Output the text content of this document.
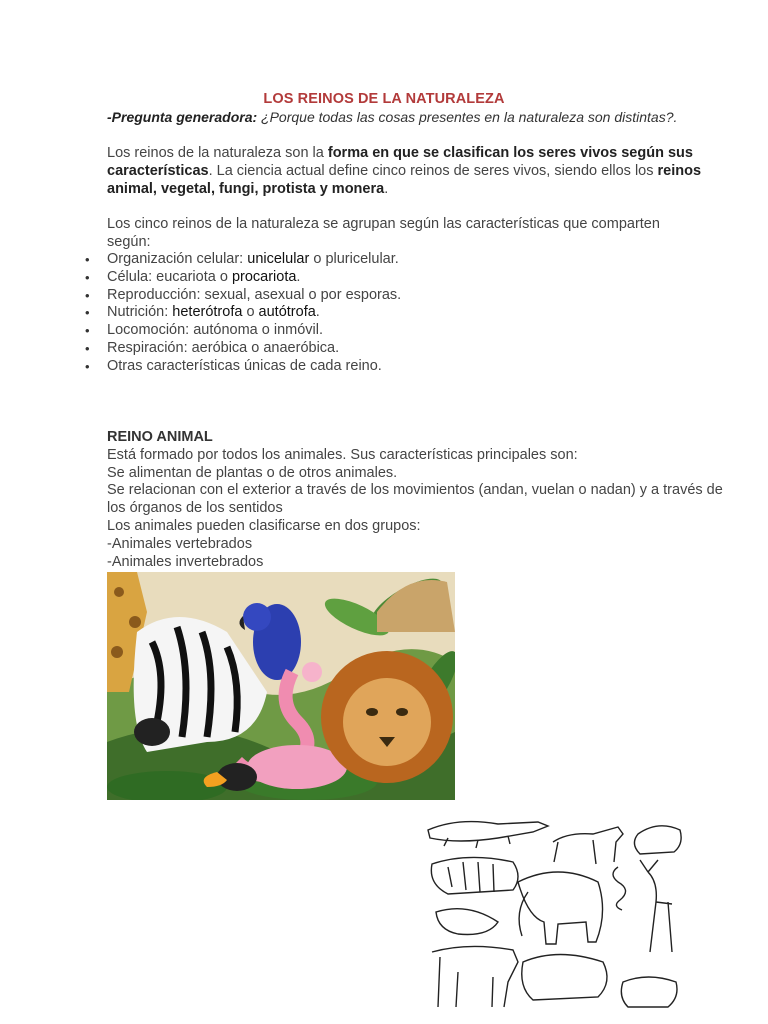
LOS REINOS DE LA NATURALEZA
-Pregunta generadora: ¿Porque todas las cosas presentes en la naturaleza son distintas?.
Los reinos de la naturaleza son la forma en que se clasifican los seres vivos según sus características. La ciencia actual define cinco reinos de seres vivos, siendo ellos los reinos animal, vegetal, fungi, protista y monera.
Los cinco reinos de la naturaleza se agrupan según las características que comparten según:
• Organización celular: unicelular o pluricelular.
• Célula: eucariota o procariota.
• Reproducción: sexual, asexual o por esporas.
• Nutrición: heterótrofa o autótrofa.
• Locomoción: autónoma o inmóvil.
• Respiración: aeróbica o anaeróbica.
• Otras características únicas de cada reino.
REINO ANIMAL
Está formado por todos los animales. Sus características principales son:
Se alimentan de plantas o de otros animales.
Se relacionan con el exterior a través de los movimientos (andan, vuelan o nadan) y a través de los órganos de los sentidos
Los animales pueden clasificarse en dos grupos:
-Animales vertebrados
-Animales invertebrados
